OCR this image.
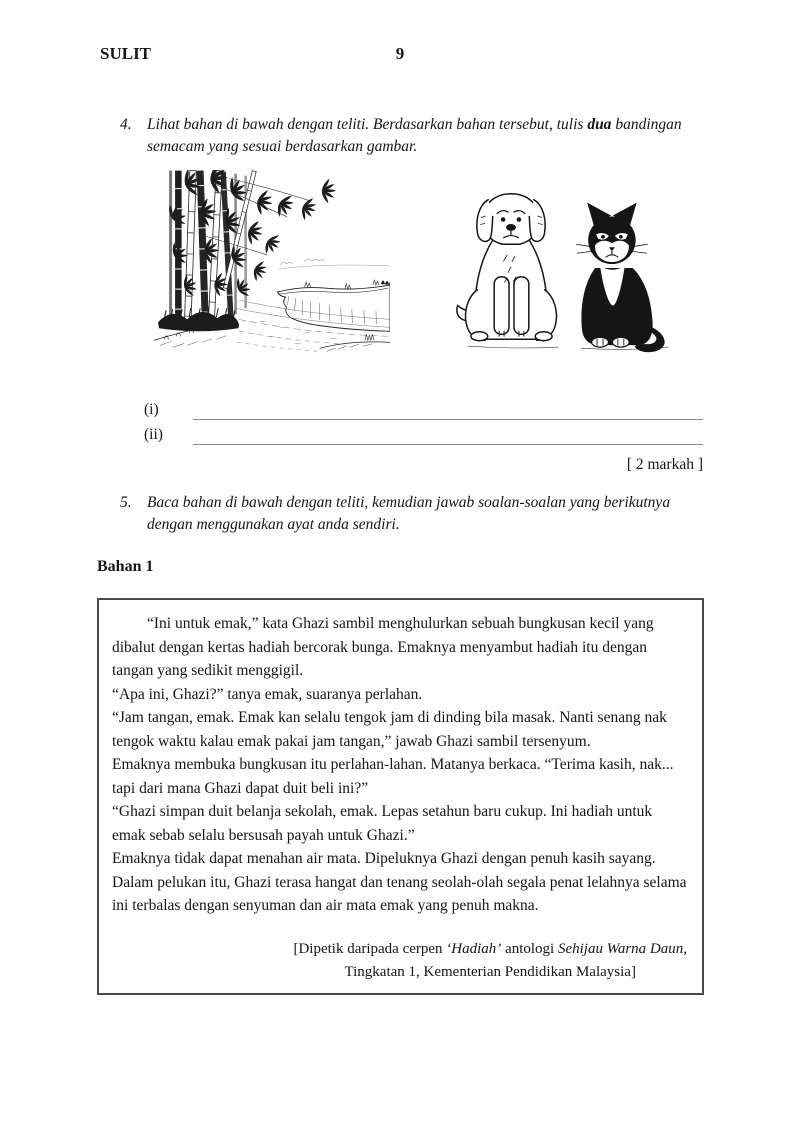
SULIT	9
4. Lihat bahan di bawah dengan teliti. Berdasarkan bahan tersebut, tulis dua bandingan semacam yang sesuai berdasarkan gambar.
(i)
(ii)
[ 2 markah ]
5. Baca bahan di bawah dengan teliti, kemudian jawab soalan-soalan yang berikutnya dengan menggunakan ayat anda sendiri.
Bahan 1

“Ini untuk emak,” kata Ghazi sambil menghulurkan sebuah bungkusan kecil yang dibalut dengan kertas hadiah bercorak bunga. Emaknya menyambut hadiah itu dengan tangan yang sedikit menggigil.

“Apa ini, Ghazi?” tanya emak, suaranya perlahan.

“Jam tangan, emak. Emak kan selalu tengok jam di dinding bila masak. Nanti senang nak tengok waktu kalau emak pakai jam tangan,” jawab Ghazi sambil tersenyum.

Emaknya membuka bungkusan itu perlahan-lahan. Matanya berkaca. “Terima kasih, nak... tapi dari mana Ghazi dapat duit beli ini?”

“Ghazi simpan duit belanja sekolah, emak. Lepas setahun baru cukup. Ini hadiah untuk emak sebab selalu bersusah payah untuk Ghazi.”

Emaknya tidak dapat menahan air mata. Dipeluknya Ghazi dengan penuh kasih sayang. Dalam pelukan itu, Ghazi terasa hangat dan tenang seolah-olah segala penat lelahnya selama ini terbalas dengan senyuman dan air mata emak yang penuh makna.

[Dipetik daripada cerpen ‘Hadiah’ antologi Sehijau Warna Daun,
Tingkatan 1, Kementerian Pendidikan Malaysia]
